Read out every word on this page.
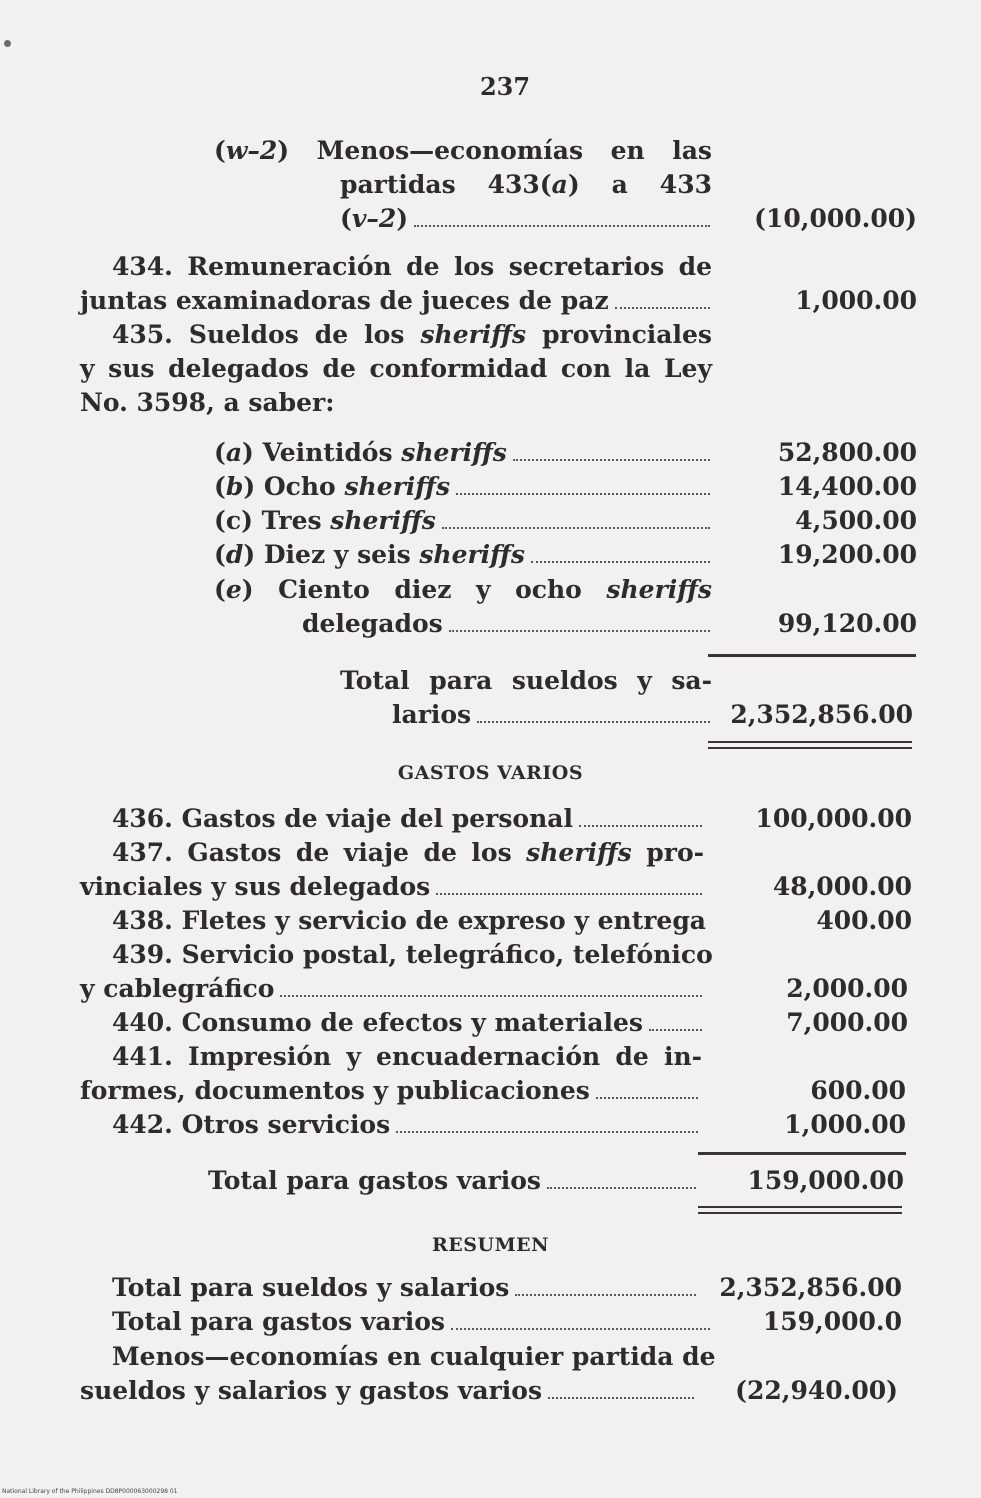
237
(w–2) Menos—economías en las
partidas 433(a) a 433
(v–2)	(10,000.00)
434. Remuneración de los secretarios de
juntas examinadoras de jueces de paz	1,000.00
435. Sueldos de los sheriffs provinciales
y sus delegados de conformidad con la Ley
No. 3598, a saber:
(a) Veintidós sheriffs	52,800.00
(b) Ocho sheriffs	14,400.00
(c) Tres sheriffs	4,500.00
(d) Diez y seis sheriffs	19,200.00
(e) Ciento diez y ocho sheriffs
delegados	99,120.00
Total para sueldos y sa-
larios	2,352,856.00
GASTOS VARIOS
436. Gastos de viaje del personal	100,000.00
437. Gastos de viaje de los sheriffs pro-
vinciales y sus delegados	48,000.00
438. Fletes y servicio de expreso y entrega	400.00
439. Servicio postal, telegráfico, telefónico
y cablegráfico	2,000.00
440. Consumo de efectos y materiales	7,000.00
441. Impresión y encuadernación de in-
formes, documentos y publicaciones	600.00
442. Otros servicios	1,000.00
Total para gastos varios	159,000.00
RESUMEN
Total para sueldos y salarios	2,352,856.00
Total para gastos varios	159,000.0
Menos—economías en cualquier partida de
sueldos y salarios y gastos varios	(22,940.00)
National Library of the Philippines DD8P000063000298 01
